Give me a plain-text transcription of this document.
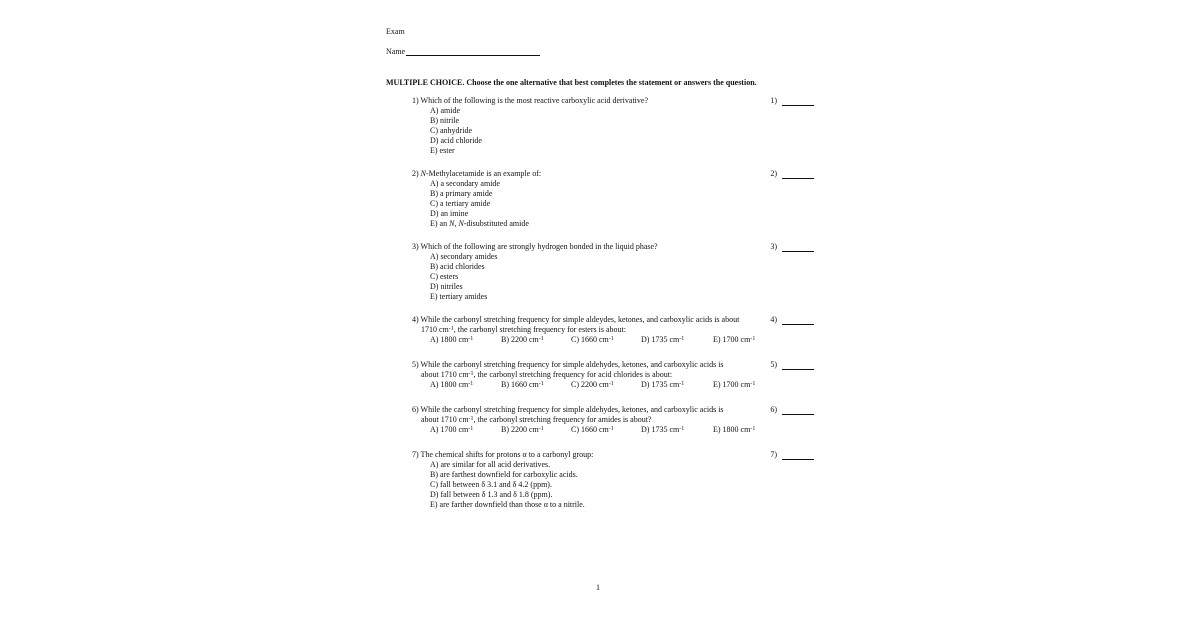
Exam
Name
MULTIPLE CHOICE. Choose the one alternative that best completes the statement or answers the question.
1) Which of the following is the most reactive carboxylic acid derivative?	1)
A) amide
B) nitrile
C) anhydride
D) acid chloride
E) ester
2) N-Methylacetamide is an example of:	2)
A) a secondary amide
B) a primary amide
C) a tertiary amide
D) an imine
E) an N, N-disubstituted amide
3) Which of the following are strongly hydrogen bonded in the liquid phase?	3)
A) secondary amides
B) acid chlorides
C) esters
D) nitriles
E) tertiary amides
4) While the carbonyl stretching frequency for simple aldeydes, ketones, and carboxylic acids is about
1710 $cm^{-1}$, the carbonyl stretching frequency for esters is about:
4)
A) 1800 $cm^{-1}$	B) 2200 $cm^{-1}$	C) 1660 $cm^{-1}$	D) 1735 $cm^{-1}$	E) 1700 $cm^{-1}$
5) While the carbonyl stretching frequency for simple aldehydes, ketones, and carboxylic acids is
about 1710 $cm^{-1}$, the carbonyl stretching frequency for acid chlorides is about:
5)
A) 1800 $cm^{-1}$	B) 1660 $cm^{-1}$	C) 2200 $cm^{-1}$	D) 1735 $cm^{-1}$	E) 1700 $cm^{-1}$
6) While the carbonyl stretching frequency for simple aldehydes, ketones, and carboxylic acids is
about 1710 $cm^{-1}$, the carbonyl stretching frequency for amides is about?
6)
A) 1700 $cm^{-1}$	B) 2200 $cm^{-1}$	C) 1660 $cm^{-1}$	D) 1735 $cm^{-1}$	E) 1800 $cm^{-1}$
7) The chemical shifts for protons α to a carbonyl group:	7)
A) are similar for all acid derivatives.
B) are farthest downfield for carboxylic acids.
C) fall between δ 3.1 and δ 4.2 (ppm).
D) fall between δ 1.3 and δ 1.8 (ppm).
E) are farther downfield than those α to a nitrile.
1
